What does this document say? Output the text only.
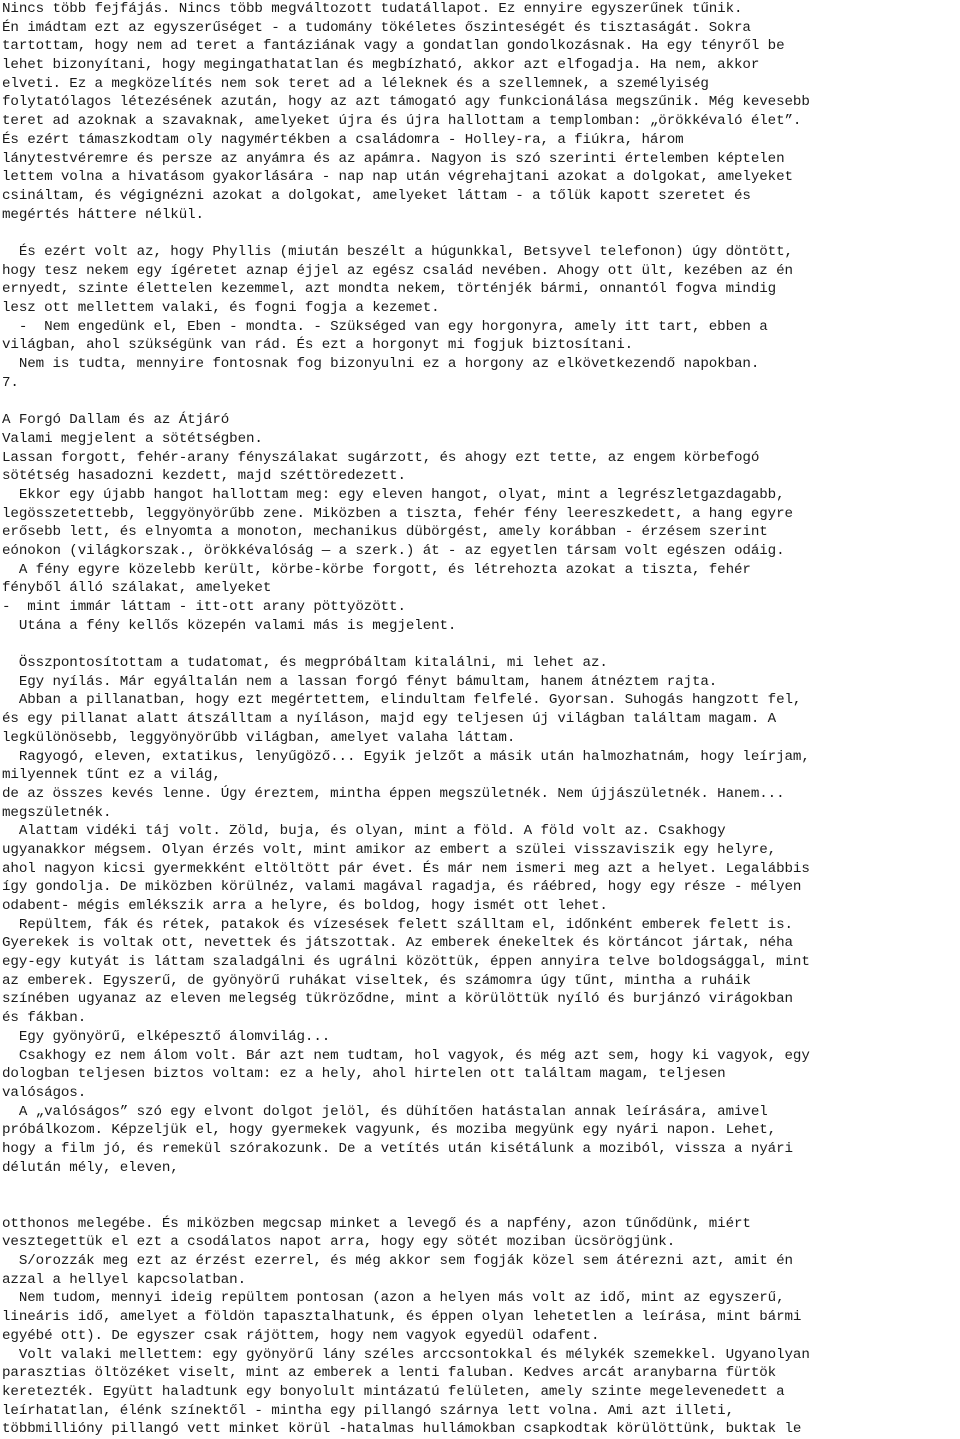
Nincs több fejfájás. Nincs több megváltozott tudatállapot. Ez ennyire egyszerűnek tűnik.
Én imádtam ezt az egyszerűséget - a tudomány tökéletes őszinteségét és tisztaságát. Sokra
tartottam, hogy nem ad teret a fantáziának vagy a gondatlan gondolkozásnak. Ha egy tényről be
lehet bizonyítani, hogy megingathatatlan és megbízható, akkor azt elfogadja. Ha nem, akkor
elveti. Ez a megközelítés nem sok teret ad a léleknek és a szellemnek, a személyiség
folytatólagos létezésének azután, hogy az azt támogató agy funkcionálása megszűnik. Még kevesebb
teret ad azoknak a szavaknak, amelyeket újra és újra hallottam a templomban: „örökkévaló élet”.
És ezért támaszkodtam oly nagymértékben a családomra - Holley-ra, a fiúkra, három
lánytestvéremre és persze az anyámra és az apámra. Nagyon is szó szerinti értelemben képtelen
lettem volna a hivatásom gyakorlására - nap nap után végrehajtani azokat a dolgokat, amelyeket
csináltam, és végignézni azokat a dolgokat, amelyeket láttam - a tőlük kapott szeretet és
megértés háttere nélkül.
És ezért volt az, hogy Phyllis (miután beszélt a húgunkkal, Betsyvel telefonon) úgy döntött,
hogy tesz nekem egy ígéretet aznap éjjel az egész család nevében. Ahogy ott ült, kezében az én
ernyedt, szinte élettelen kezemmel, azt mondta nekem, történjék bármi, onnantól fogva mindig
lesz ott mellettem valaki, és fogni fogja a kezemet.
-  Nem engedünk el, Eben - mondta. - Szükséged van egy horgonyra, amely itt tart, ebben a
világban, ahol szükségünk van rád. És ezt a horgonyt mi fogjuk biztosítani.
Nem is tudta, mennyire fontosnak fog bizonyulni ez a horgony az elkövetkezendő napokban.
7.
A Forgó Dallam és az Átjáró
Valami megjelent a sötétségben.
Lassan forgott, fehér-arany fényszálakat sugárzott, és ahogy ezt tette, az engem körbefogó
sötétség hasadozni kezdett, majd széttöredezett.
Ekkor egy újabb hangot hallottam meg: egy eleven hangot, olyat, mint a legrészletgazdagabb,
legösszetettebb, leggyönyörűbb zene. Miközben a tiszta, fehér fény leereszkedett, a hang egyre
erősebb lett, és elnyomta a monoton, mechanikus dübörgést, amely korábban - érzésem szerint
eónokon (világkorszak., örökkévalóság — a szerk.) át - az egyetlen társam volt egészen odáig.
A fény egyre közelebb került, körbe-körbe forgott, és létrehozta azokat a tiszta, fehér
fényből álló szálakat, amelyeket
-  mint immár láttam - itt-ott arany pöttyözött.
Utána a fény kellős közepén valami más is megjelent.
Összpontosítottam a tudatomat, és megpróbáltam kitalálni, mi lehet az.
Egy nyílás. Már egyáltalán nem a lassan forgó fényt bámultam, hanem átnéztem rajta.
Abban a pillanatban, hogy ezt megértettem, elindultam felfelé. Gyorsan. Suhogás hangzott fel,
és egy pillanat alatt átszálltam a nyíláson, majd egy teljesen új világban találtam magam. A
legkülönösebb, leggyönyörűbb világban, amelyet valaha láttam.
Ragyogó, eleven, extatikus, lenyűgöző... Egyik jelzőt a másik után halmozhatnám, hogy leírjam,
milyennek tűnt ez a világ,
de az összes kevés lenne. Úgy éreztem, mintha éppen megszületnék. Nem újjászületnék. Hanem...
megszületnék.
Alattam vidéki táj volt. Zöld, buja, és olyan, mint a föld. A föld volt az. Csakhogy
ugyanakkor mégsem. Olyan érzés volt, mint amikor az embert a szülei visszaviszik egy helyre,
ahol nagyon kicsi gyermekként eltöltött pár évet. És már nem ismeri meg azt a helyet. Legalábbis
így gondolja. De miközben körülnéz, valami magával ragadja, és ráébred, hogy egy része - mélyen
odabent- mégis emlékszik arra a helyre, és boldog, hogy ismét ott lehet.
Repültem, fák és rétek, patakok és vízesések felett szálltam el, időnként emberek felett is.
Gyerekek is voltak ott, nevettek és játszottak. Az emberek énekeltek és körtáncot jártak, néha
egy-egy kutyát is láttam szaladgálni és ugrálni közöttük, éppen annyira telve boldogsággal, mint
az emberek. Egyszerű, de gyönyörű ruhákat viseltek, és számomra úgy tűnt, mintha a ruháik
színében ugyanaz az eleven melegség tükröződne, mint a körülöttük nyíló és burjánzó virágokban
és fákban.
Egy gyönyörű, elképesztő álomvilág...
Csakhogy ez nem álom volt. Bár azt nem tudtam, hol vagyok, és még azt sem, hogy ki vagyok, egy
dologban teljesen biztos voltam: ez a hely, ahol hirtelen ott találtam magam, teljesen
valóságos.
A „valóságos” szó egy elvont dolgot jelöl, és dühítően hatástalan annak leírására, amivel
próbálkozom. Képzeljük el, hogy gyermekek vagyunk, és moziba megyünk egy nyári napon. Lehet,
hogy a film jó, és remekül szórakozunk. De a vetítés után kisétálunk a moziból, vissza a nyári
délután mély, eleven,
otthonos melegébe. És miközben megcsap minket a levegő és a napfény, azon tűnődünk, miért
vesztegettük el ezt a csodálatos napot arra, hogy egy sötét moziban ücsörögjünk.
S/orozzák meg ezt az érzést ezerrel, és még akkor sem fogják közel sem átérezni azt, amit én
azzal a hellyel kapcsolatban.
Nem tudom, mennyi ideig repültem pontosan (azon a helyen más volt az idő, mint az egyszerű,
lineáris idő, amelyet a földön tapasztalhatunk, és éppen olyan lehetetlen a leírása, mint bármi
egyébé ott). De egyszer csak rájöttem, hogy nem vagyok egyedül odafent.
Volt valaki mellettem: egy gyönyörű lány széles arccsontokkal és mélykék szemekkel. Ugyanolyan
parasztias öltözéket viselt, mint az emberek a lenti faluban. Kedves arcát aranybarna fürtök
keretezték. Együtt haladtunk egy bonyolult mintázatú felületen, amely szinte megelevenedett a
leírhatatlan, élénk színektől - mintha egy pillangó szárnya lett volna. Ami azt illeti,
többmillióny pillangó vett minket körül -hatalmas hullámokban csapkodtak körülöttünk, buktak le
